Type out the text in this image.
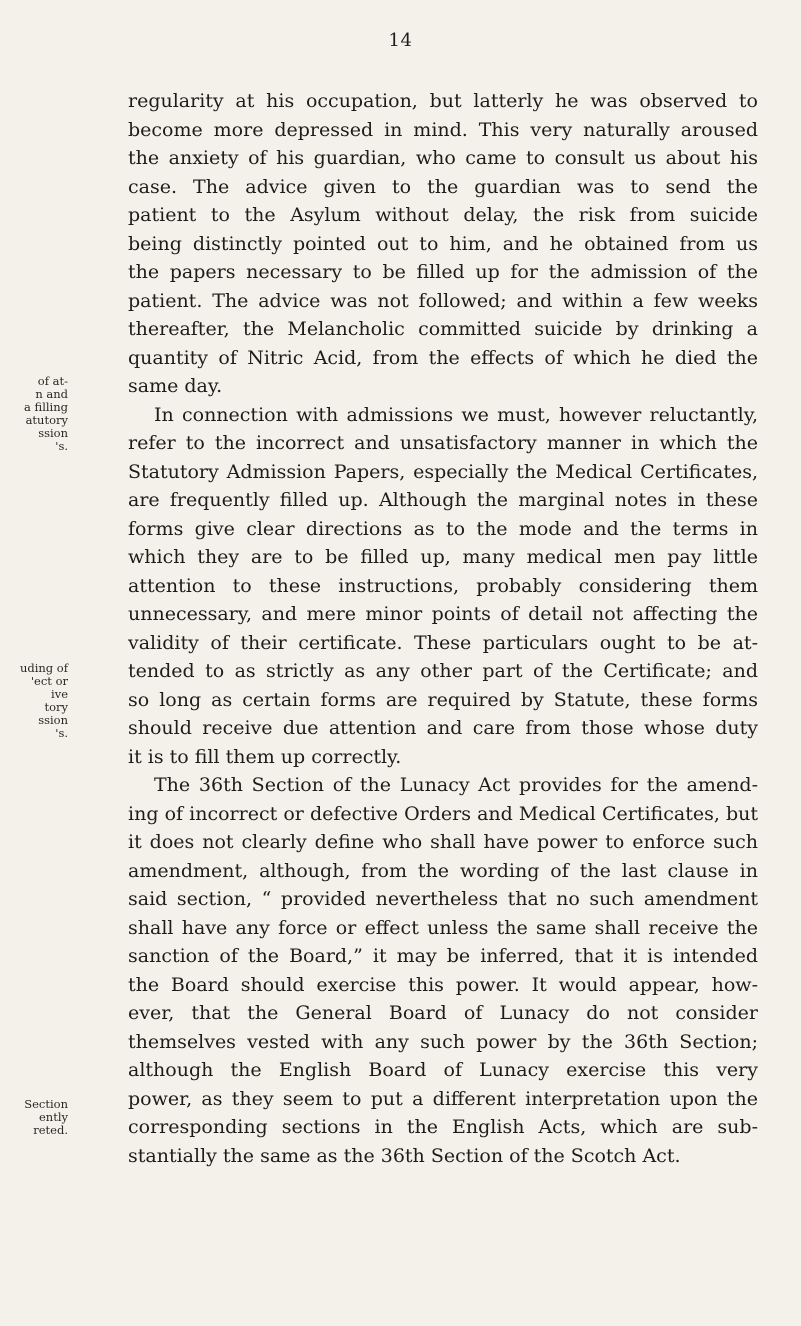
14
of at-
n and
a filling
atutory
ssion
's.
uding of
'ect or
ive
tory
ssion
's.
Section
ently
reted.
regularity at his occupation, but latterly he was observed to
become more depressed in mind. This very naturally aroused
the anxiety of his guardian, who came to consult us about his
case. The advice given to the guardian was to send the
patient to the Asylum without delay, the risk from suicide
being distinctly pointed out to him, and he obtained from us
the papers necessary to be filled up for the admission of the
patient. The advice was not followed; and within a few weeks
thereafter, the Melancholic committed suicide by drinking a
quantity of Nitric Acid, from the effects of which he died the
same day.
In connection with admissions we must, however reluctantly,
refer to the incorrect and unsatisfactory manner in which the
Statutory Admission Papers, especially the Medical Certificates,
are frequently filled up. Although the marginal notes in these
forms give clear directions as to the mode and the terms in
which they are to be filled up, many medical men pay little
attention to these instructions, probably considering them
unnecessary, and mere minor points of detail not affecting the
validity of their certificate. These particulars ought to be at-
tended to as strictly as any other part of the Certificate; and
so long as certain forms are required by Statute, these forms
should receive due attention and care from those whose duty
it is to fill them up correctly.
The 36th Section of the Lunacy Act provides for the amend-
ing of incorrect or defective Orders and Medical Certificates, but
it does not clearly define who shall have power to enforce such
amendment, although, from the wording of the last clause in
said section, “ provided nevertheless that no such amendment
shall have any force or effect unless the same shall receive the
sanction of the Board,” it may be inferred, that it is intended
the Board should exercise this power. It would appear, how-
ever, that the General Board of Lunacy do not consider
themselves vested with any such power by the 36th Section;
although the English Board of Lunacy exercise this very
power, as they seem to put a different interpretation upon the
corresponding sections in the English Acts, which are sub-
stantially the same as the 36th Section of the Scotch Act.
